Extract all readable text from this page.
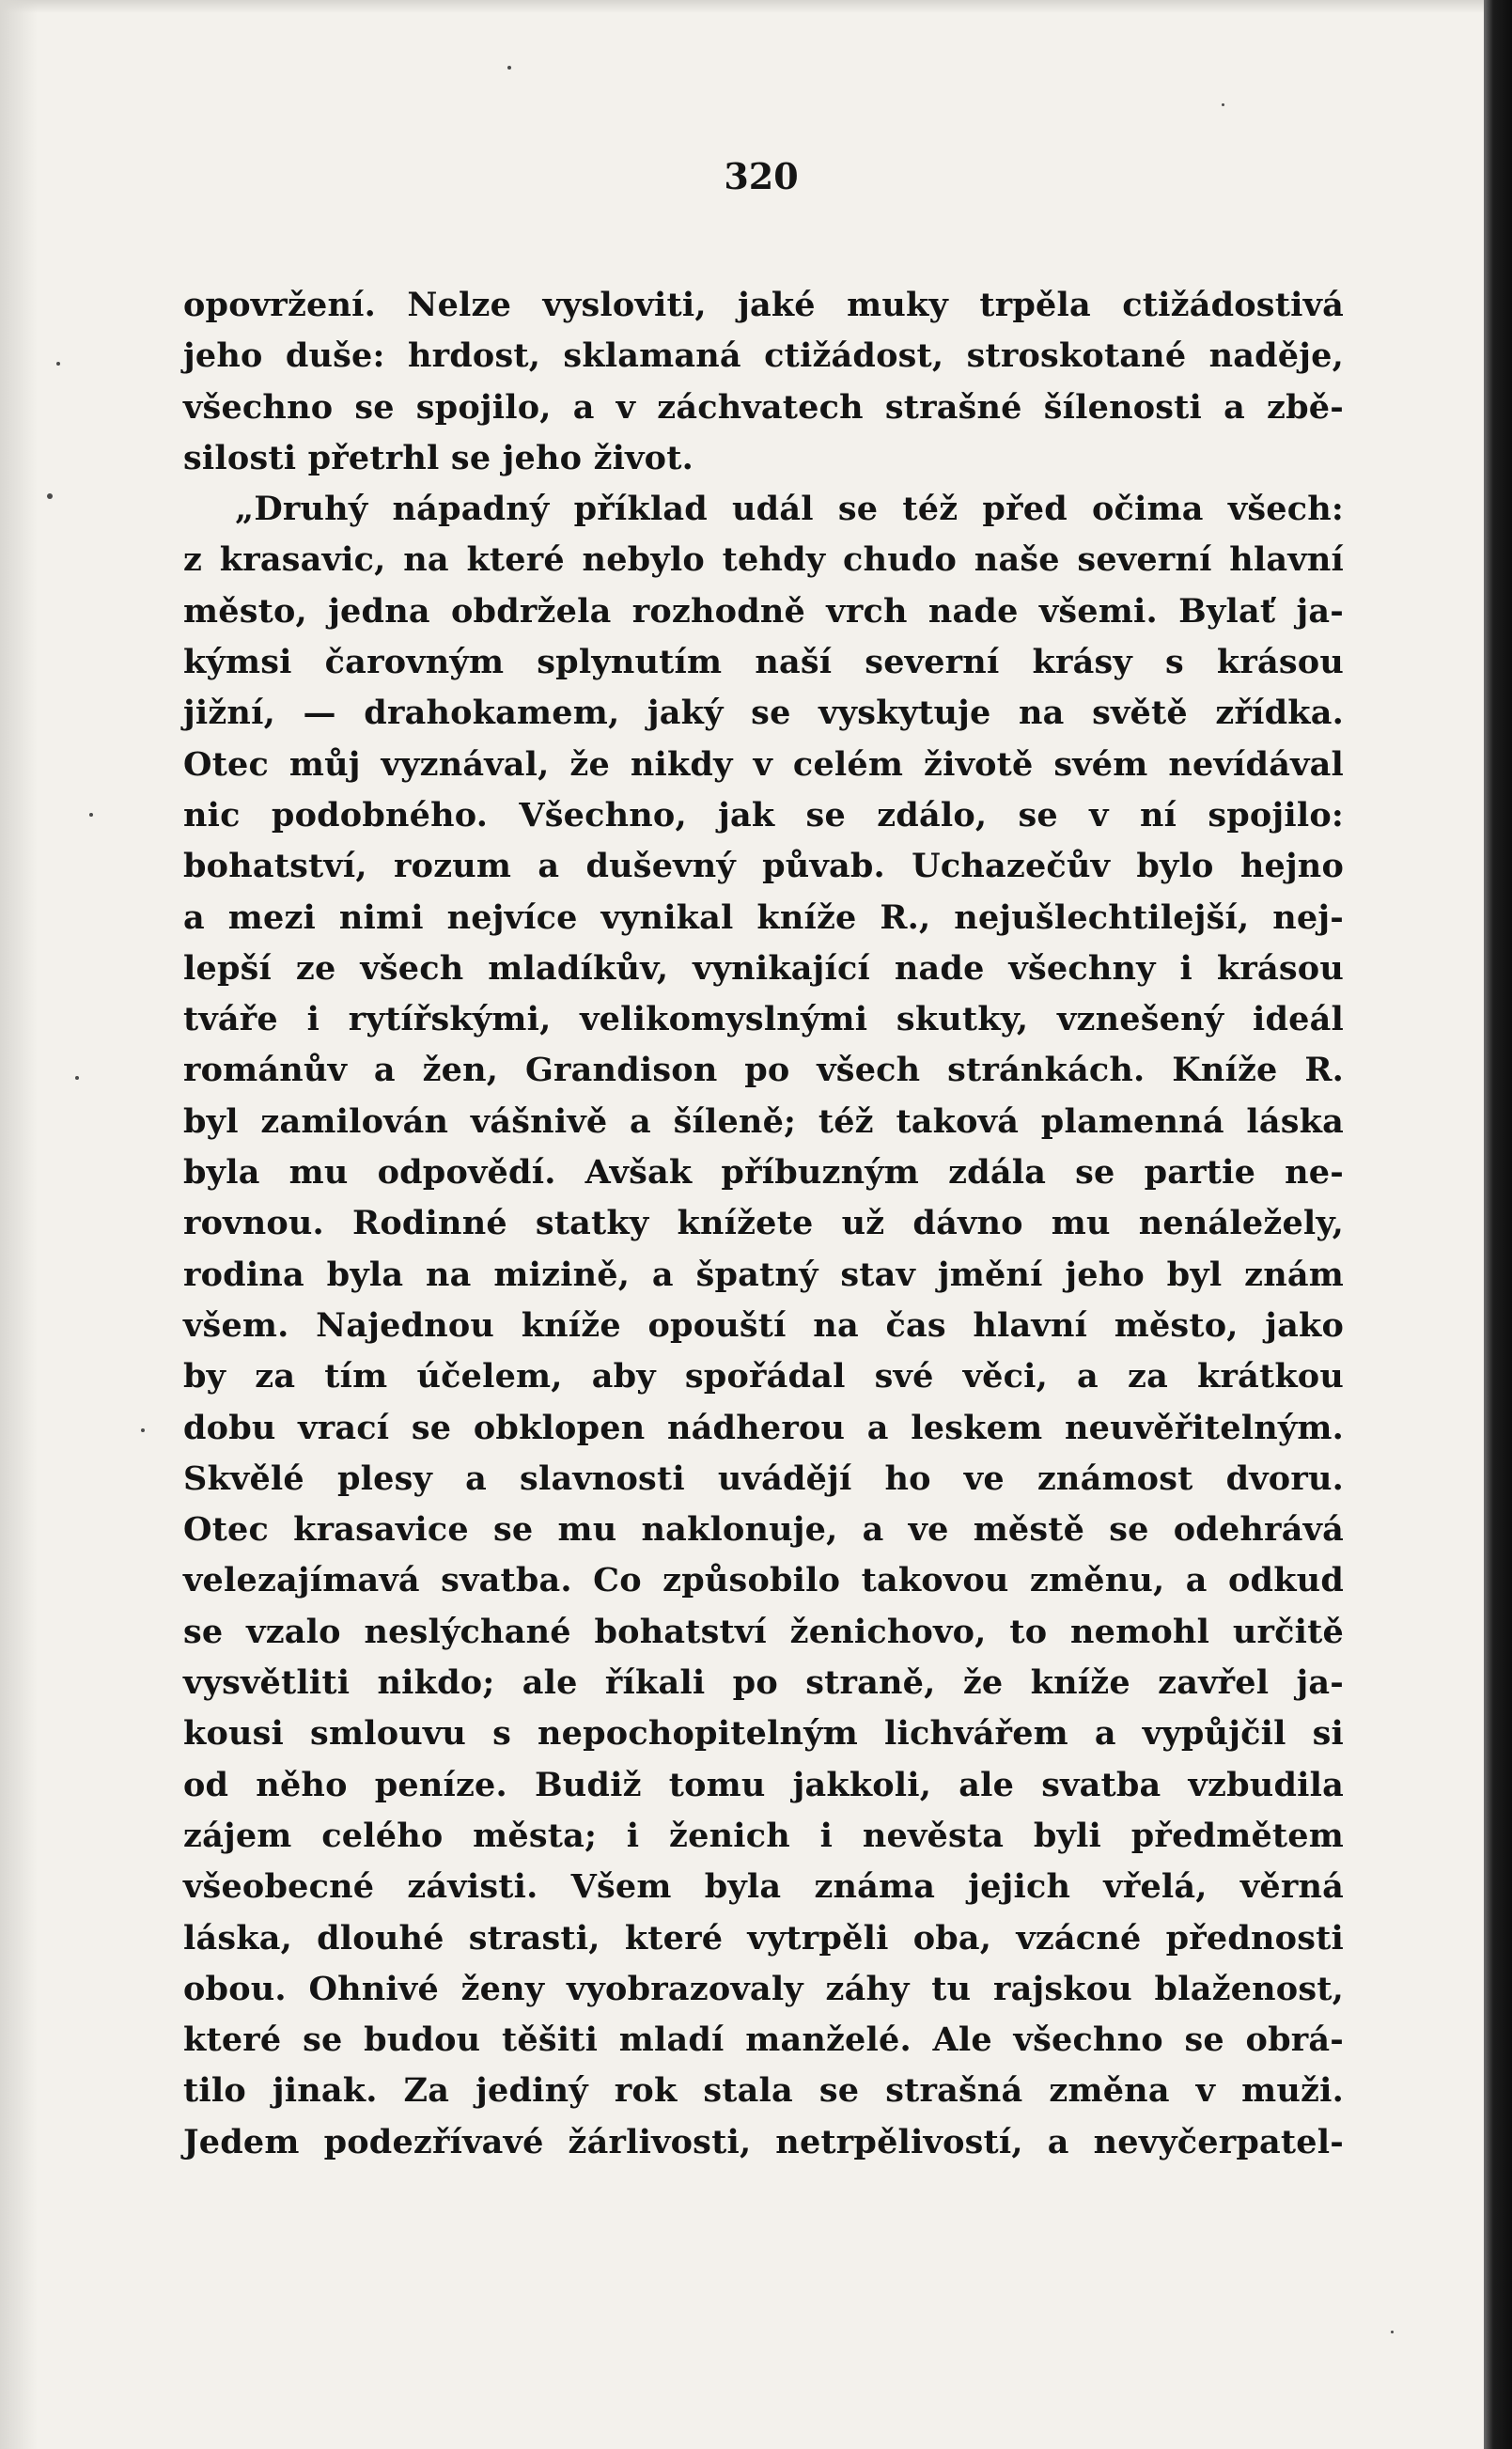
320
opovržení. Nelze vysloviti, jaké muky trpěla ctižádostivá
jeho duše: hrdost, sklamaná ctižádost, stroskotané naděje,
všechno se spojilo, a v záchvatech strašné šílenosti a zbě-
silosti přetrhl se jeho život.
„Druhý nápadný příklad udál se též před očima všech:
z krasavic, na které nebylo tehdy chudo naše severní hlavní
město, jedna obdržela rozhodně vrch nade všemi. Bylať ja-
kýmsi čarovným splynutím naší severní krásy s krásou
jižní, — drahokamem, jaký se vyskytuje na světě zřídka.
Otec můj vyznával, že nikdy v celém životě svém nevídával
nic podobného. Všechno, jak se zdálo, se v ní spojilo:
bohatství, rozum a duševný půvab. Uchazečův bylo hejno
a mezi nimi nejvíce vynikal kníže R., nejušlechtilejší, nej-
lepší ze všech mladíkův, vynikající nade všechny i krásou
tváře i rytířskými, velikomyslnými skutky, vznešený ideál
románův a žen, Grandison po všech stránkách. Kníže R.
byl zamilován vášnivě a šíleně; též taková plamenná láska
byla mu odpovědí. Avšak příbuzným zdála se partie ne-
rovnou. Rodinné statky knížete už dávno mu nenáležely,
rodina byla na mizině, a špatný stav jmění jeho byl znám
všem. Najednou kníže opouští na čas hlavní město, jako
by za tím účelem, aby spořádal své věci, a za krátkou
dobu vrací se obklopen nádherou a leskem neuvěřitelným.
Skvělé plesy a slavnosti uvádějí ho ve známost dvoru.
Otec krasavice se mu naklonuje, a ve městě se odehrává
velezajímavá svatba. Co způsobilo takovou změnu, a odkud
se vzalo neslýchané bohatství ženichovo, to nemohl určitě
vysvětliti nikdo; ale říkali po straně, že kníže zavřel ja-
kousi smlouvu s nepochopitelným lichvářem a vypůjčil si
od něho peníze. Budiž tomu jakkoli, ale svatba vzbudila
zájem celého města; i ženich i nevěsta byli předmětem
všeobecné závisti. Všem byla známa jejich vřelá, věrná
láska, dlouhé strasti, které vytrpěli oba, vzácné přednosti
obou. Ohnivé ženy vyobrazovaly záhy tu rajskou blaženost,
které se budou těšiti mladí manželé. Ale všechno se obrá-
tilo jinak. Za jediný rok stala se strašná změna v muži.
Jedem podezřívavé žárlivosti, netrpělivostí, a nevyčerpatel-
